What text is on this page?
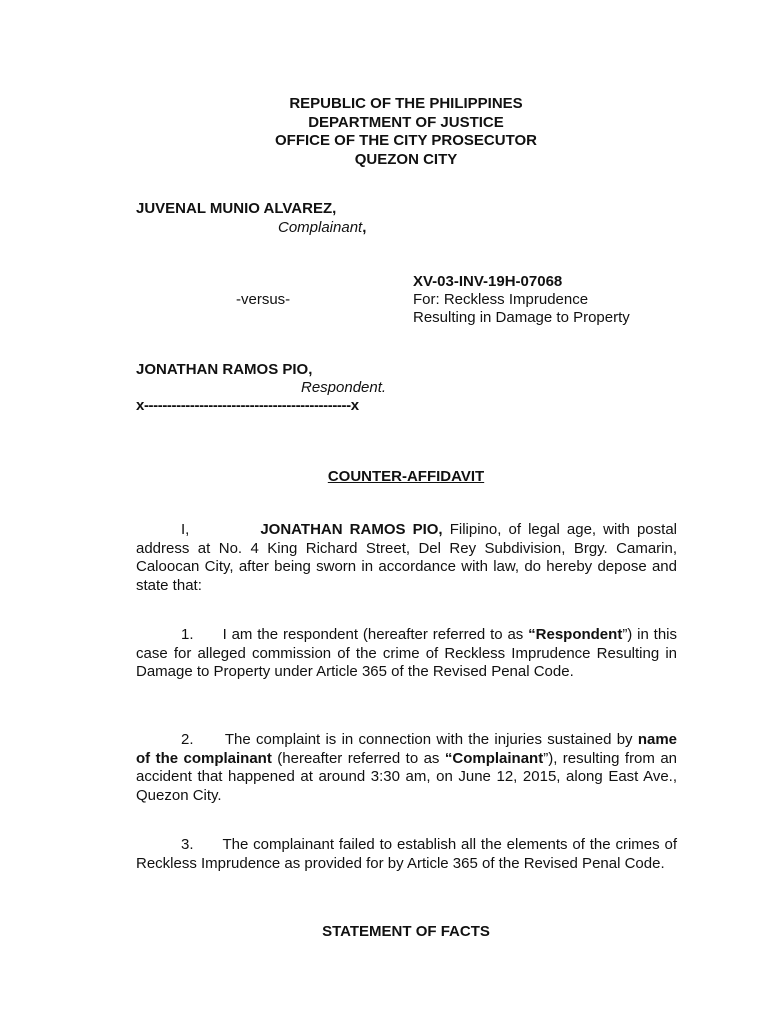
REPUBLIC OF THE PHILIPPINES
DEPARTMENT OF JUSTICE
OFFICE OF THE CITY PROSECUTOR
QUEZON CITY
JUVENAL MUNIO ALVAREZ,
Complainant,
XV-03-INV-19H-07068
-versus-	For: Reckless Imprudence
Resulting in Damage to Property
JONATHAN RAMOS PIO,
Respondent.
x---------------------------------------------x
COUNTER-AFFIDAVIT
I,	JONATHAN RAMOS PIO, Filipino, of legal age, with postal address at No. 4 King Richard Street, Del Rey Subdivision, Brgy. Camarin, Caloocan City, after being sworn in accordance with law, do hereby depose and state that:
1. I am the respondent (hereafter referred to as “Respondent”) in this case for alleged commission of the crime of Reckless Imprudence Resulting in Damage to Property under Article 365 of the Revised Penal Code.
2. The complaint is in connection with the injuries sustained by name of the complainant (hereafter referred to as “Complainant”), resulting from an accident that happened at around 3:30 am, on June 12, 2015, along East Ave., Quezon City.
3. The complainant failed to establish all the elements of the crimes of Reckless Imprudence as provided for by Article 365 of the Revised Penal Code.
STATEMENT OF FACTS
